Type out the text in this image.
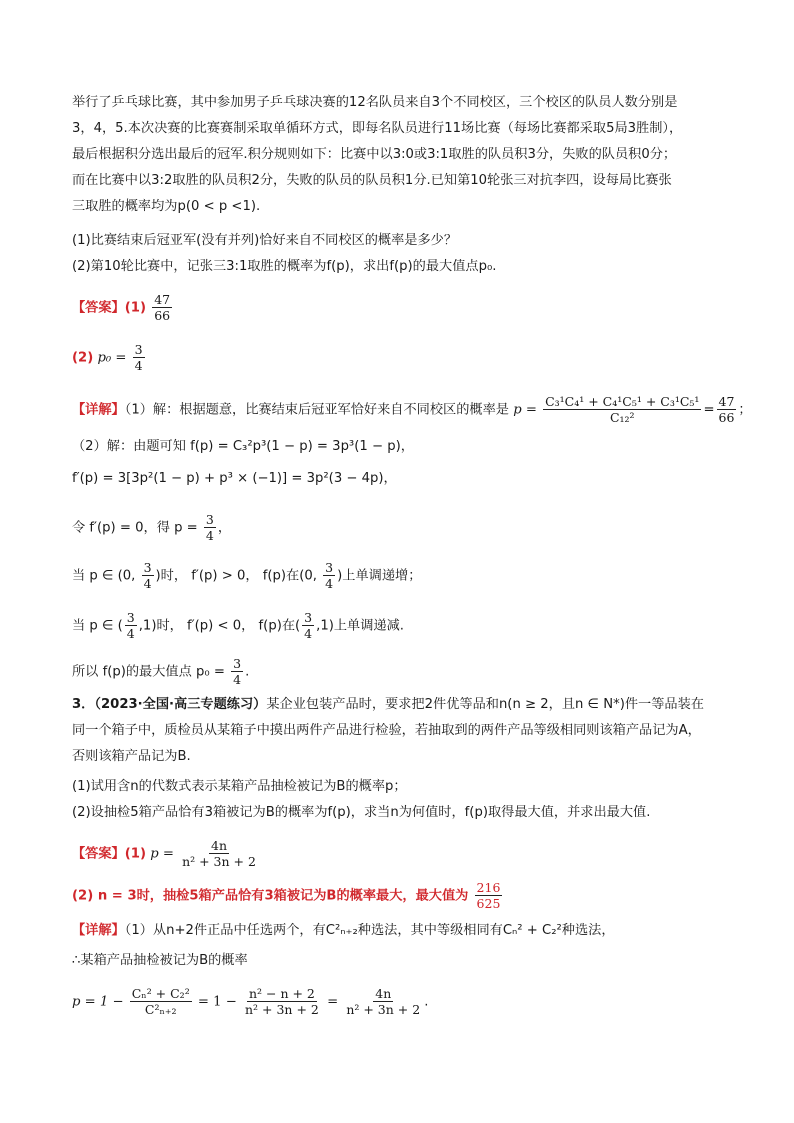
举行了乒乓球比赛，其中参加男子乒乓球决赛的12名队员来自3个不同校区，三个校区的队员人数分别是
3，4，5.本次决赛的比赛赛制采取单循环方式，即每名队员进行11场比赛（每场比赛都采取5局3胜制），
最后根据积分选出最后的冠军.积分规则如下：比赛中以3:0或3:1取胜的队员积3分，失败的队员积0分；
而在比赛中以3:2取胜的队员积2分，失败的队员的队员积1分.已知第10轮张三对抗李四，设每局比赛张
三取胜的概率均为p(0 < p <1).
(1)比赛结束后冠亚军(没有并列)恰好来自不同校区的概率是多少？
(2)第10轮比赛中，记张三3:1取胜的概率为f(p)，求出f(p)的最大值点p₀.
【答案】$(1) \frac{47}{66}$
(2) $p_0 = \frac{3}{4}$
【详解】（1）解：根据题意，比赛结束后冠亚军恰好来自不同校区的概率是 $p = \frac{\text{C₃¹C₄¹ + C₄¹C₅¹ + C₃¹C₅¹}}{\text{C₁₂²}} = \frac{47}{66}$ ；
（2）解：由题可知 f(p) = C₃²p³(1 − p) = 3p³(1 − p)，
f′(p) = 3[3p²(1 − p) + p³ × (−1)] = 3p²(3 − 4p)，
令 f′(p) = 0，得 $p = \frac{3}{4}$ ，
当 p ∈ (0, $\frac{3}{4}$ )时， f′(p) > 0， f(p)在(0, $\frac{3}{4}$ )上单调递增；
当 p ∈ ( $\frac{3}{4} ,1$)时， f′(p) < 0， f(p)在( $\frac{3}{4} ,1$)上单调递减.
所以 f(p)的最大值点 $p_0 = \frac{3}{4}$ .
3．（2023·全国·高三专题练习）某企业包装产品时，要求把2件优等品和n(n ≥ 2，且n ∈ N*)件一等品装在
同一个箱子中，质检员从某箱子中摸出两件产品进行检验，若抽取到的两件产品等级相同则该箱产品记为A，
否则该箱产品记为B.
(1)试用含n的代数式表示某箱产品抽检被记为B的概率p；
(2)设抽检5箱产品恰有3箱被记为B的概率为f(p)，求当n为何值时，f(p)取得最大值，并求出最大值.
【答案】(1) $p = \frac{4n}{\text{n² + 3n + 2}}$
(2) n = 3时，抽检5箱产品恰有3箱被记为B的概率最大，最大值为 $\frac{216}{625}$
【详解】（1）从n+2件正品中任选两个，有C²ₙ₊₂种选法，其中等级相同有Cₙ² + C₂²种选法，
∴某箱产品抽检被记为B的概率
$p = 1 - \frac{\text{Cₙ² + C₂²}}{\text{C²ₙ₊₂}} = 1 - \frac{\text{n² − n + 2}}{\text{n² + 3n + 2}} = \frac{4n}{\text{n² + 3n + 2}}$ .
